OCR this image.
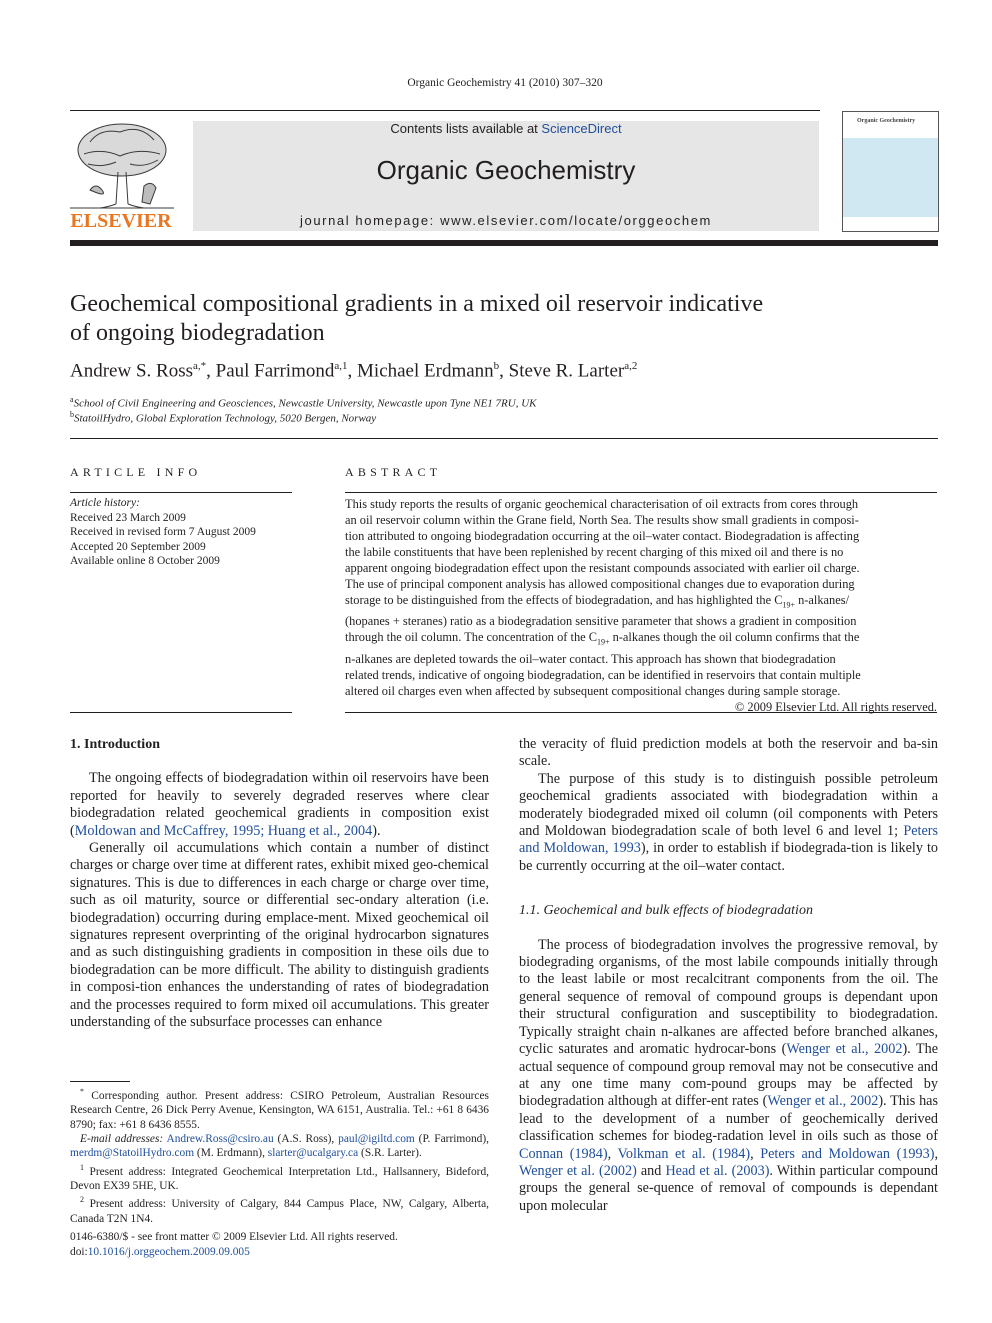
Organic Geochemistry 41 (2010) 307–320
ELSEVIER
Contents lists available at ScienceDirect
Organic Geochemistry
journal homepage: www.elsevier.com/locate/orggeochem
Organic Geochemistry
Geochemical compositional gradients in a mixed oil reservoir indicative
of ongoing biodegradation
Andrew S. Ross$^{a,*}$, Paul Farrimond$^{a,1}$, Michael Erdmann$^b$, Steve R. Larter$^{a,2}$
$^a$School of Civil Engineering and Geosciences, Newcastle University, Newcastle upon Tyne NE1 7RU, UK
$^b$StatoilHydro, Global Exploration Technology, 5020 Bergen, Norway
ARTICLE INFO	ABSTRACT
Article history:
Received 23 March 2009
Received in revised form 7 August 2009
Accepted 20 September 2009
Available online 8 October 2009
This study reports the results of organic geochemical characterisation of oil extracts from cores through
an oil reservoir column within the Grane field, North Sea. The results show small gradients in composi-
tion attributed to ongoing biodegradation occurring at the oil–water contact. Biodegradation is affecting
the labile constituents that have been replenished by recent charging of this mixed oil and there is no
apparent ongoing biodegradation effect upon the resistant compounds associated with earlier oil charge.
The use of principal component analysis has allowed compositional changes due to evaporation during
storage to be distinguished from the effects of biodegradation, and has highlighted the $C_{19+}$ n-alkanes/
(hopanes + steranes) ratio as a biodegradation sensitive parameter that shows a gradient in composition
through the oil column. The concentration of the $C_{19+}$ n-alkanes though the oil column confirms that the
n-alkanes are depleted towards the oil–water contact. This approach has shown that biodegradation
related trends, indicative of ongoing biodegradation, can be identified in reservoirs that contain multiple
altered oil charges even when affected by subsequent compositional changes during sample storage.
© 2009 Elsevier Ltd. All rights reserved.
1. Introduction

The ongoing effects of biodegradation within oil reservoirs have been reported for heavily to severely degraded reserves where clear biodegradation related geochemical gradients in composition exist (Moldowan and McCaffrey, 1995; Huang et al., 2004).

Generally oil accumulations which contain a number of distinct charges or charge over time at different rates, exhibit mixed geo-chemical signatures. This is due to differences in each charge or charge over time, such as oil maturity, source or differential sec-ondary alteration (i.e. biodegradation) occurring during emplace-ment. Mixed geochemical oil signatures represent overprinting of the original hydrocarbon signatures and as such distinguishing gradients in composition in these oils due to biodegradation can be more difficult. The ability to distinguish gradients in composi-tion enhances the understanding of rates of biodegradation and the processes required to form mixed oil accumulations. This greater understanding of the subsurface processes can enhance

the veracity of fluid prediction models at both the reservoir and ba-sin scale.

The purpose of this study is to distinguish possible petroleum geochemical gradients associated with biodegradation within a moderately biodegraded mixed oil column (oil components with Peters and Moldowan biodegradation scale of both level 6 and level 1; Peters and Moldowan, 1993), in order to establish if biodegrada-tion is likely to be currently occurring at the oil–water contact.

1.1. Geochemical and bulk effects of biodegradation

The process of biodegradation involves the progressive removal, by biodegrading organisms, of the most labile compounds initially through to the least labile or most recalcitrant components from the oil. The general sequence of removal of compound groups is dependant upon their structural configuration and susceptibility to biodegradation. Typically straight chain n-alkanes are affected before branched alkanes, cyclic saturates and aromatic hydrocar-bons (Wenger et al., 2002). The actual sequence of compound group removal may not be consecutive and at any one time many com-pound groups may be affected by biodegradation although at differ-ent rates (Wenger et al., 2002). This has lead to the development of a number of geochemically derived classification schemes for biodeg-radation level in oils such as those of Connan (1984), Volkman et al. (1984), Peters and Moldowan (1993), Wenger et al. (2002) and Head et al. (2003). Within particular compound groups the general se-quence of removal of compounds is dependant upon molecular

* Corresponding author. Present address: CSIRO Petroleum, Australian Resources Research Centre, 26 Dick Perry Avenue, Kensington, WA 6151, Australia. Tel.: +61 8 6436 8790; fax: +61 8 6436 8555.

E-mail addresses: Andrew.Ross@csiro.au (A.S. Ross), paul@igiltd.com (P. Farrimond), merdm@StatoilHydro.com (M. Erdmann), slarter@ucalgary.ca (S.R. Larter).

$^1$ Present address: Integrated Geochemical Interpretation Ltd., Hallsannery, Bideford, Devon EX39 5HE, UK.

$^2$ Present address: University of Calgary, 844 Campus Place, NW, Calgary, Alberta, Canada T2N 1N4.

0146-6380/$ - see front matter © 2009 Elsevier Ltd. All rights reserved.
doi:10.1016/j.orggeochem.2009.09.005
